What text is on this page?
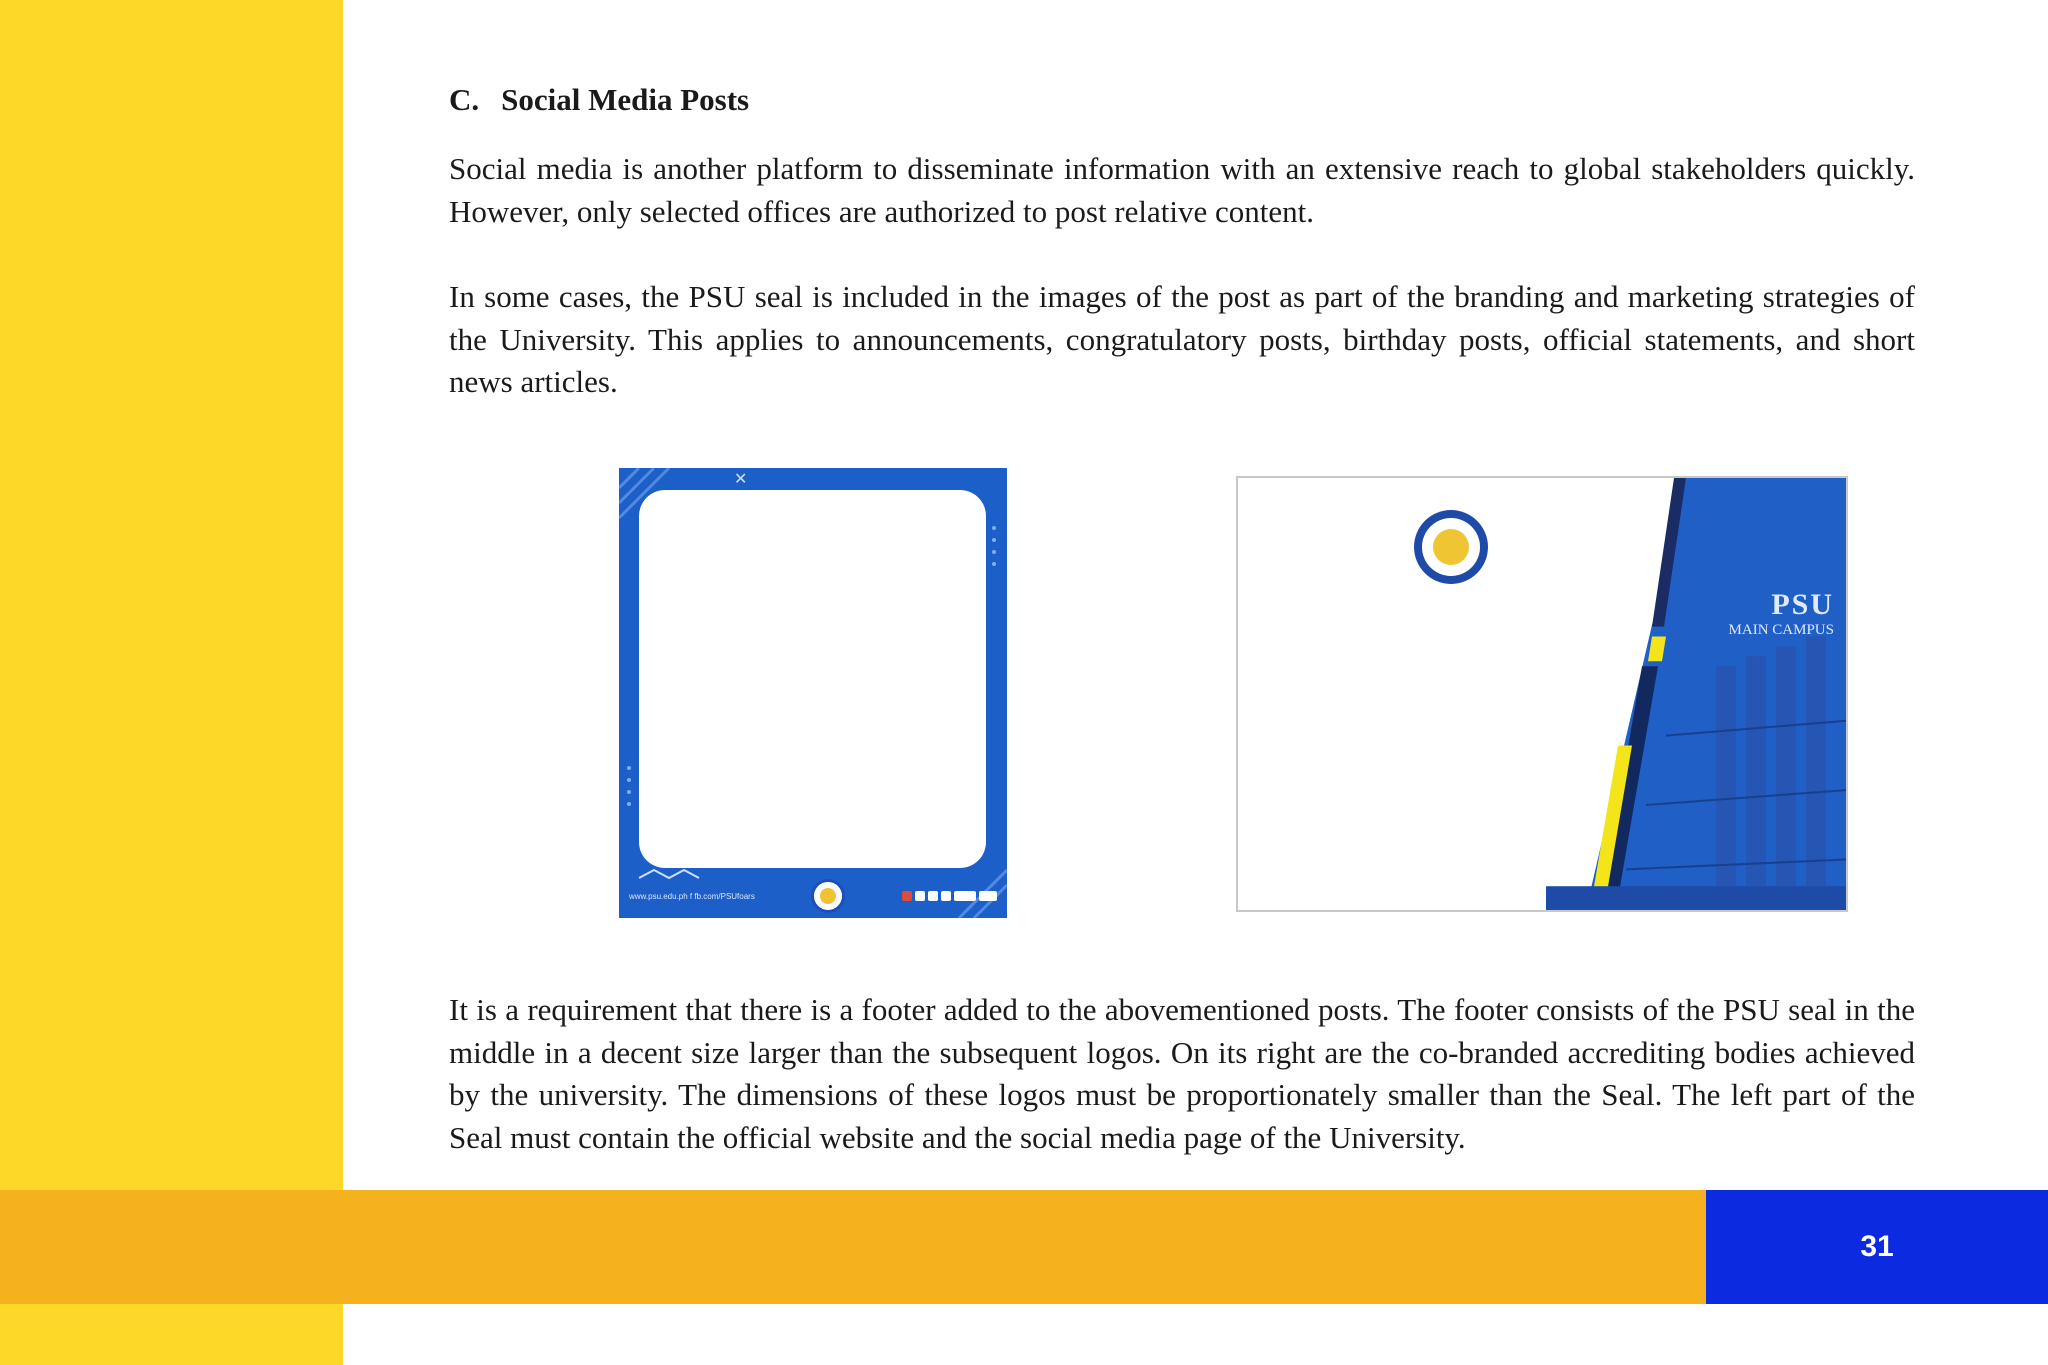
C. Social Media Posts

Social media is another platform to disseminate information with an extensive reach to global stakeholders quickly. However, only selected offices are authorized to post relative content.

In some cases, the PSU seal is included in the images of the post as part of the branding and marketing strategies of the University. This applies to announcements, congratulatory posts, birthday posts, official statements, and short news articles.

✕
www.psu.edu.ph f fb.com/PSUfoars
PSU
MAIN CAMPUS

It is a requirement that there is a footer added to the abovementioned posts. The footer consists of the PSU seal in the middle in a decent size larger than the subsequent logos. On its right are the co-branded accrediting bodies achieved by the university. The dimensions of these logos must be proportionately smaller than the Seal. The left part of the Seal must contain the official website and the social media page of the University.

31
